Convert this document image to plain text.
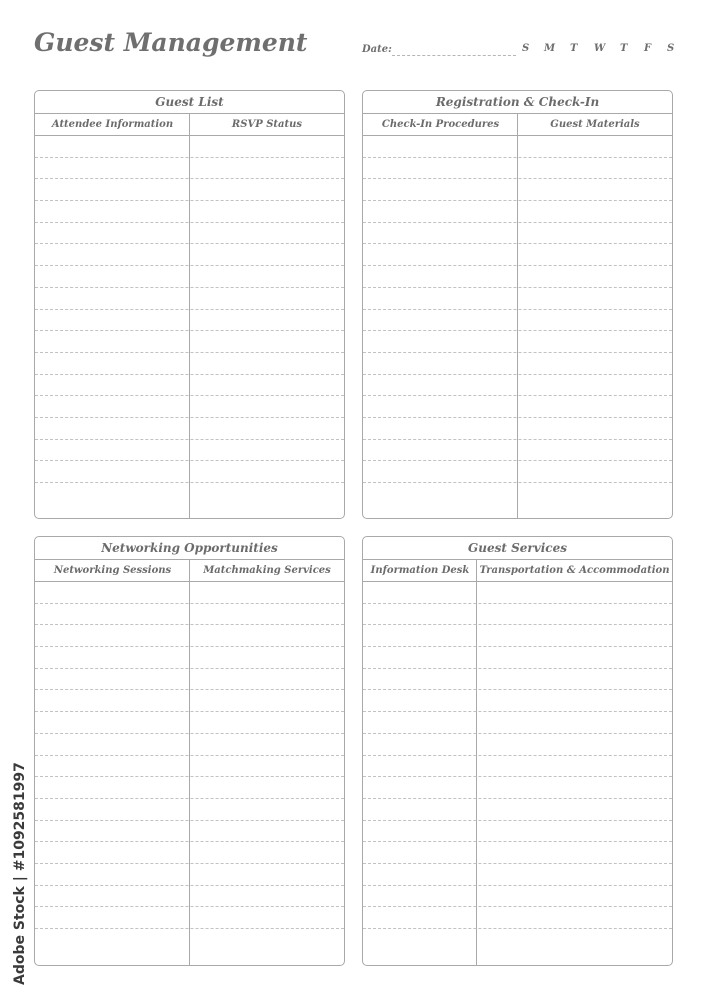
Guest Management	Date:	S M T W T F S
Guest List
Attendee Information	RSVP Status
Registration & Check-In
Check-In Procedures	Guest Materials
Networking Opportunities
Networking Sessions	Matchmaking Services
Guest Services
Information Desk	Transportation & Accommodation
Adobe Stock | #1092581997
